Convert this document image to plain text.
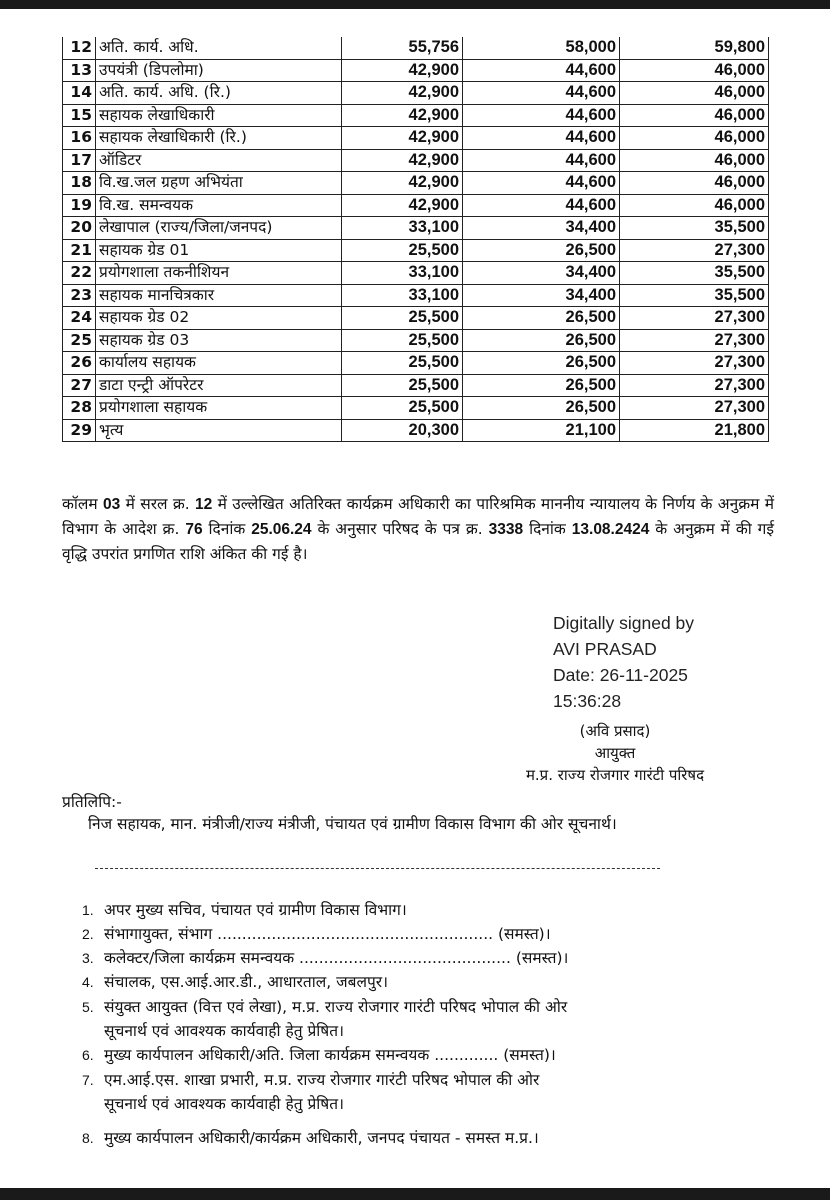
12	अति. कार्य. अधि.	55,756	58,000	59,800
13	उपयंत्री (डिपलोमा)	42,900	44,600	46,000
14	अति. कार्य. अधि. (रि.)	42,900	44,600	46,000
15	सहायक लेखाधिकारी	42,900	44,600	46,000
16	सहायक लेखाधिकारी (रि.)	42,900	44,600	46,000
17	ऑडिटर	42,900	44,600	46,000
18	वि.ख.जल ग्रहण अभियंता	42,900	44,600	46,000
19	वि.ख. समन्वयक	42,900	44,600	46,000
20	लेखापाल (राज्य/जिला/जनपद)	33,100	34,400	35,500
21	सहायक ग्रेड 01	25,500	26,500	27,300
22	प्रयोगशाला तकनीशियन	33,100	34,400	35,500
23	सहायक मानचित्रकार	33,100	34,400	35,500
24	सहायक ग्रेड 02	25,500	26,500	27,300
25	सहायक ग्रेड 03	25,500	26,500	27,300
26	कार्यालय सहायक	25,500	26,500	27,300
27	डाटा एन्ट्री ऑपरेटर	25,500	26,500	27,300
28	प्रयोगशाला सहायक	25,500	26,500	27,300
29	भृत्य	20,300	21,100	21,800
कॉलम 03 में सरल क्र. 12 में उल्लेखित अतिरिक्त कार्यक्रम अधिकारी का पारिश्रमिक माननीय न्यायालय के निर्णय के अनुक्रम में विभाग के आदेश क्र. 76 दिनांक 25.06.24 के अनुसार परिषद के पत्र क्र. 3338 दिनांक 13.08.2424 के अनुक्रम में की गई वृद्धि उपरांत प्रगणित राशि अंकित की गई है।
Digitally signed by
AVI PRASAD
Date: 26-11-2025
15:36:28
(अवि प्रसाद)
आयुक्त
म.प्र. राज्य रोजगार गारंटी परिषद
प्रतिलिपि:-
निज सहायक, मान. मंत्रीजी/राज्य मंत्रीजी, पंचायत एवं ग्रामीण विकास विभाग की ओर सूचनार्थ।
1. अपर मुख्य सचिव, पंचायत एवं ग्रामीण विकास विभाग।
2. संभागायुक्त, संभाग ........................................................ (समस्त)।
3. कलेक्टर/जिला कार्यक्रम समन्वयक ........................................... (समस्त)।
4. संचालक, एस.आई.आर.डी., आधारताल, जबलपुर।
5. संयुक्त आयुक्त (वित्त एवं लेखा), म.प्र. राज्य रोजगार गारंटी परिषद भोपाल की ओर
सूचनार्थ एवं आवश्यक कार्यवाही हेतु प्रेषित।
6. मुख्य कार्यपालन अधिकारी/अति. जिला कार्यक्रम समन्वयक ............. (समस्त)।
7. एम.आई.एस. शाखा प्रभारी, म.प्र. राज्य रोजगार गारंटी परिषद भोपाल की ओर
सूचनार्थ एवं आवश्यक कार्यवाही हेतु प्रेषित।
8. मुख्य कार्यपालन अधिकारी/कार्यक्रम अधिकारी, जनपद पंचायत - समस्त म.प्र.।
